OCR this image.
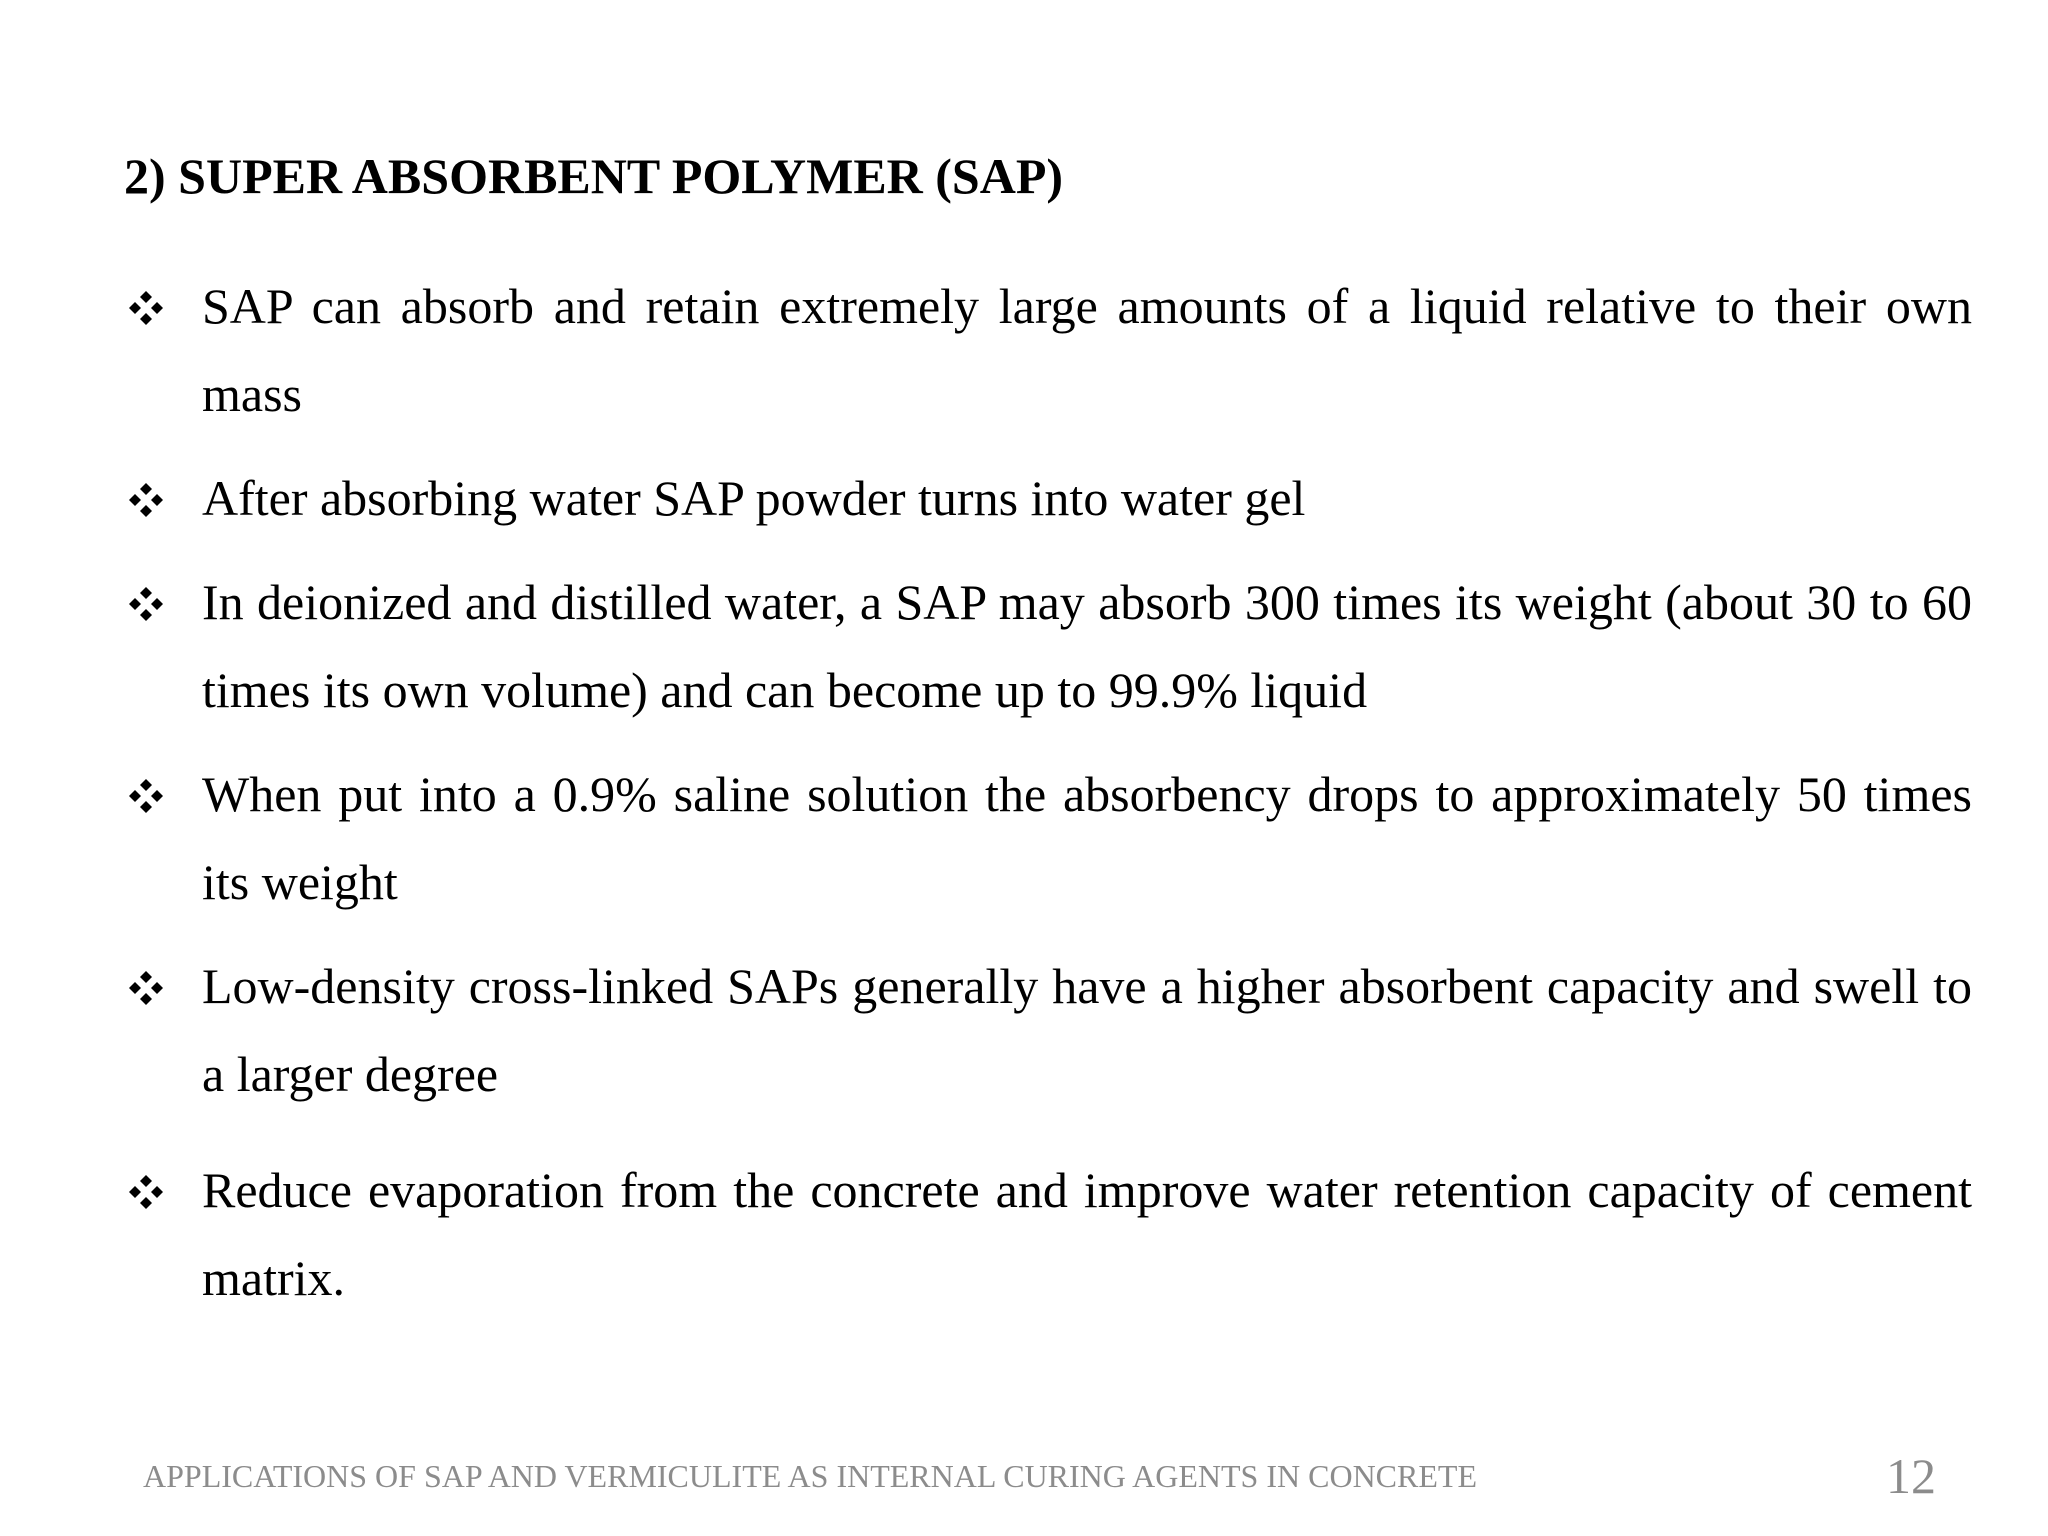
2) SUPER ABSORBENT POLYMER (SAP)
SAP can absorb and retain extremely large amounts of a liquid relative to their own mass
After absorbing water SAP powder turns into water gel
In deionized and distilled water, a SAP may absorb 300 times its weight (about 30 to 60 times its own volume) and can become up to 99.9% liquid
When put into a 0.9% saline solution the absorbency drops to approximately 50 times its weight
Low-density cross-linked SAPs generally have a higher absorbent capacity and swell to a larger degree
Reduce evaporation from the concrete and improve water retention capacity of cement matrix.
APPLICATIONS OF SAP AND VERMICULITE AS INTERNAL CURING AGENTS IN CONCRETE	12
